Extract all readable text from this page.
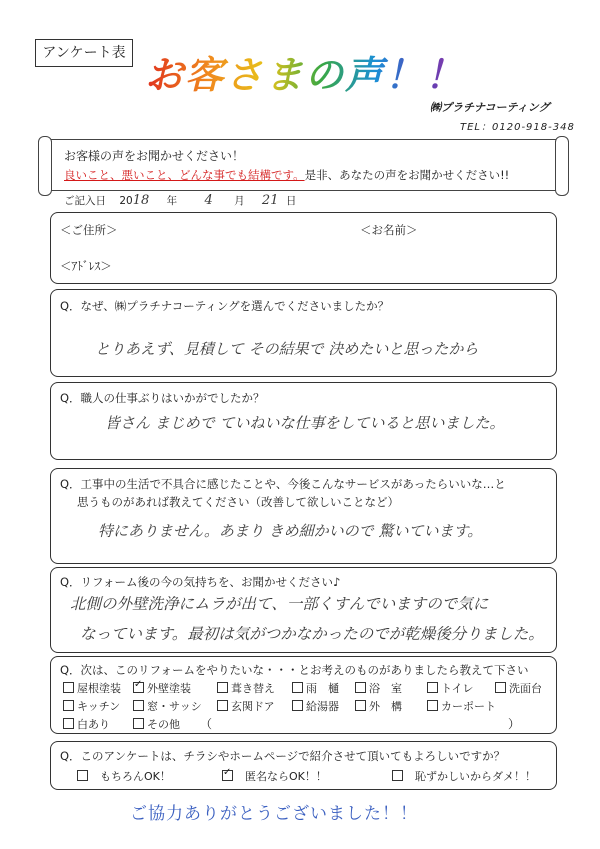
アンケート表 お客さまの声！！
㈱プラチナコーティング
TEL：0120-918-348
お客様の声をお聞かせください！
良いこと、悪いこと、どんな事でも結構です。是非、あなたの声をお聞かせください!!
ご記入日 2018 年 4 月 21 日
＜ご住所＞	＜お名前＞
＜ｱﾄﾞﾚｽ＞
Q．なぜ、㈱プラチナコーティングを選んでくださいましたか？
とりあえず、見積して その結果で 決めたいと思ったから
Q．職人の仕事ぶりはいかがでしたか？
皆さん まじめで ていねいな仕事をしていると思いました。
Q．工事中の生活で不具合に感じたことや、今後こんなサービスがあったらいいな…と
思うものがあれば教えてください（改善して欲しいことなど）
特にありません。あまり きめ細かいので 驚いています。
Q．リフォーム後の今の気持ちを、お聞かせください♪
北側の外壁洗浄にムラが出て、一部くすんでいますので気に
なっています。最初は気がつかなかったのでが乾燥後分りました。
Q．次は、このリフォームをやりたいな・・・とお考えのものがありましたら教えて下さい
屋根塗装 ✓	外壁塗装	葺き替え	雨　樋	浴　室	トイレ	洗面台
キッチン	窓・サッシ	玄関ドア	給湯器	外　構	カーポート
白あり	その他 （	）
Q．このアンケートは、チラシやホームページで紹介させて頂いてもよろしいですか？
もちろんOK！ ✓	匿名ならOK！！	恥ずかしいからダメ！！
ご協力ありがとうございました！！
